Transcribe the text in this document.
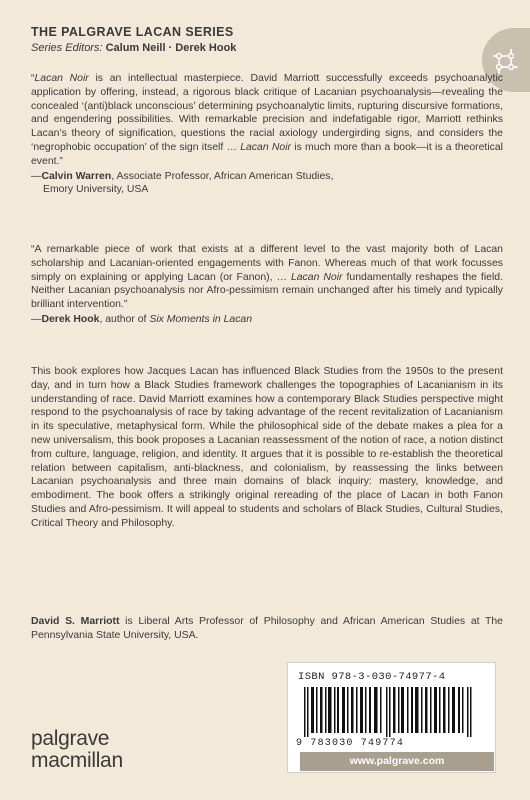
THE PALGRAVE LACAN SERIES
Series Editors: Calum Neill · Derek Hook
“Lacan Noir is an intellectual masterpiece. David Marriott successfully exceeds psychoanalytic application by offering, instead, a rigorous black critique of Lacanian psychoanalysis—revealing the concealed ‘(anti)black unconscious’ determining psychoanalytic limits, rupturing discursive formations, and engendering possibilities. With remarkable precision and indefatigable rigor, Marriott rethinks Lacan’s theory of signification, questions the racial axiology undergirding signs, and considers the ‘negrophobic occupation’ of the sign itself … Lacan Noir is much more than a book—it is a theoretical event.”
—Calvin Warren, Associate Professor, African American Studies,
Emory University, USA
“A remarkable piece of work that exists at a different level to the vast majority both of Lacan scholarship and Lacanian-oriented engagements with Fanon. Whereas much of that work focusses simply on explaining or applying Lacan (or Fanon), … Lacan Noir fundamentally reshapes the field. Neither Lacanian psychoanalysis nor Afro-pessimism remain unchanged after his timely and typically brilliant intervention.”
—Derek Hook, author of Six Moments in Lacan
This book explores how Jacques Lacan has influenced Black Studies from the 1950s to the present day, and in turn how a Black Studies framework challenges the topographies of Lacanianism in its understanding of race. David Marriott examines how a contemporary Black Studies perspective might respond to the psychoanalysis of race by taking advantage of the recent revitalization of Lacanianism in its speculative, metaphysical form. While the philosophical side of the debate makes a plea for a new universalism, this book proposes a Lacanian reassessment of the notion of race, a notion distinct from culture, language, religion, and identity. It argues that it is possible to re-establish the theoretical relation between capitalism, anti-blackness, and colonialism, by reassessing the links between Lacanian psychoanalysis and three main domains of black inquiry: mastery, knowledge, and embodiment. The book offers a strikingly original rereading of the place of Lacan in both Fanon Studies and Afro-pessimism. It will appeal to students and scholars of Black Studies, Cultural Studies, Critical Theory and Philosophy.
David S. Marriott is Liberal Arts Professor of Philosophy and African American Studies at The Pennsylvania State University, USA.
ISBN 978-3-030-74977-4
9 783030 749774
www.palgrave.com
palgrave
macmillan
